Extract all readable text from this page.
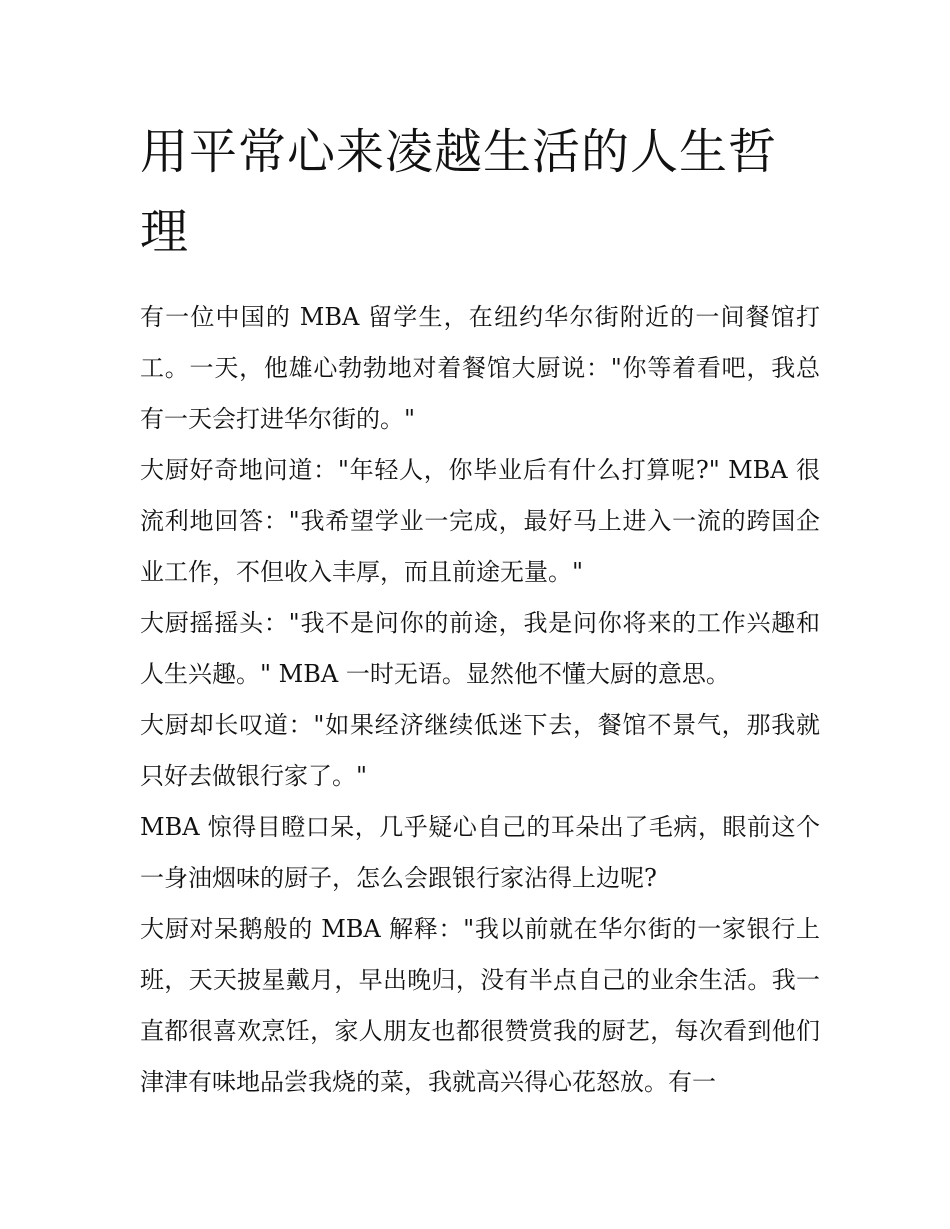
用平常心来凌越生活的人生哲理

有一位中国的 MBA 留学生，在纽约华尔街附近的一间餐馆打工。一天，他雄心勃勃地对着餐馆大厨说："你等着看吧，我总有一天会打进华尔街的。"

大厨好奇地问道："年轻人，你毕业后有什么打算呢?" MBA 很流利地回答："我希望学业一完成，最好马上进入一流的跨国企业工作，不但收入丰厚，而且前途无量。"

大厨摇摇头："我不是问你的前途，我是问你将来的工作兴趣和人生兴趣。" MBA 一时无语。显然他不懂大厨的意思。

大厨却长叹道："如果经济继续低迷下去，餐馆不景气，那我就只好去做银行家了。"

MBA 惊得目瞪口呆，几乎疑心自己的耳朵出了毛病，眼前这个一身油烟味的厨子，怎么会跟银行家沾得上边呢?

大厨对呆鹅般的 MBA 解释："我以前就在华尔街的一家银行上班，天天披星戴月，早出晚归，没有半点自己的业余生活。我一直都很喜欢烹饪，家人朋友也都很赞赏我的厨艺，每次看到他们津津有味地品尝我烧的菜，我就高兴得心花怒放。有一
